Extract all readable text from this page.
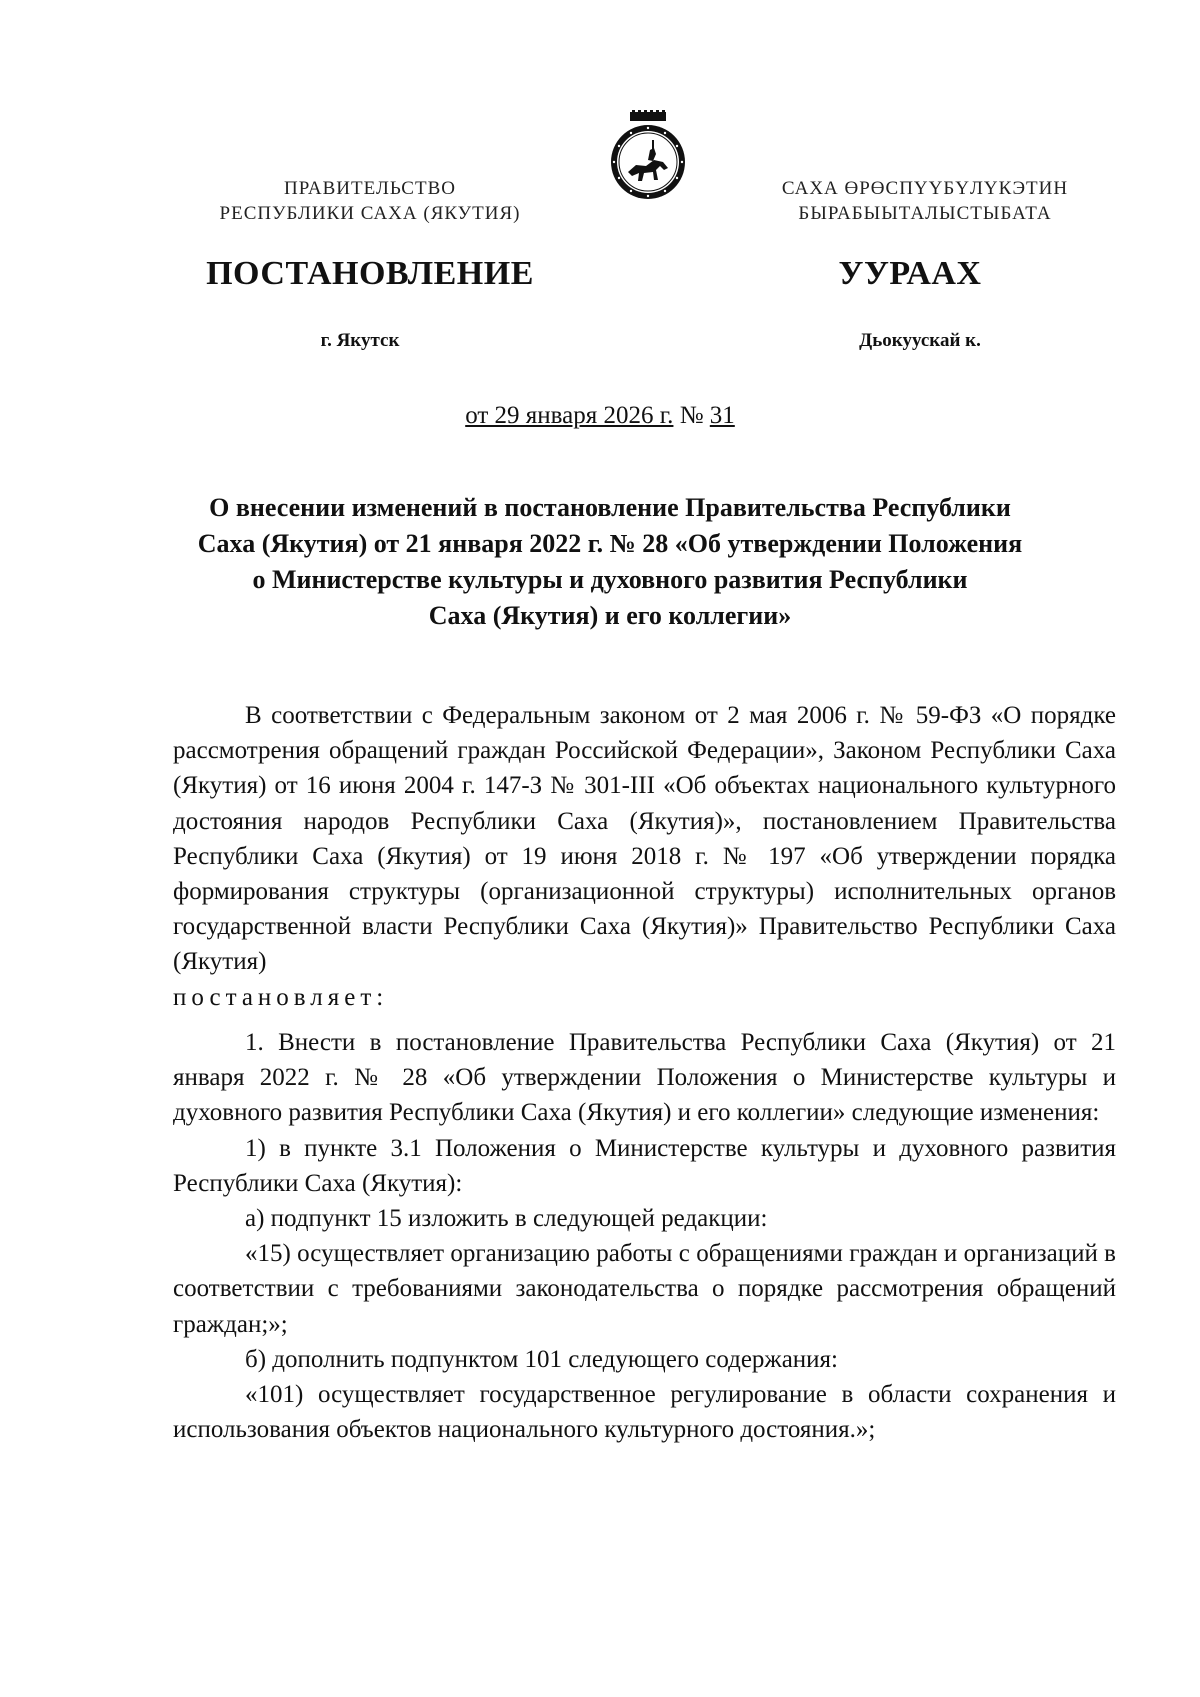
ПРАВИТЕЛЬСТВО
РЕСПУБЛИКИ САХА (ЯКУТИЯ)
САХА ӨРӨСПҮҮБҮЛҮКЭТИН
БЫРАБЫЫТАЛЫСТЫБАТА
ПОСТАНОВЛЕНИЕ	УУРААХ
г. Якутск	Дьокуускай к.
от 29 января 2026 г. № 31
О внесении изменений в постановление Правительства Республики
Саха (Якутия) от 21 января 2022 г. № 28 «Об утверждении Положения
о Министерстве культуры и духовного развития Республики
Саха (Якутия) и его коллегии»

В соответствии с Федеральным законом от 2 мая 2006 г. № 59-ФЗ «О порядке рассмотрения обращений граждан Российской Федерации», Законом Республики Саха (Якутия) от 16 июня 2004 г. 147-З № 301-III «Об объектах национального культурного достояния народов Республики Саха (Якутия)», постановлением Правительства Республики Саха (Якутия) от 19 июня 2018 г. № 197 «Об утверждении порядка формирования структуры (организационной структуры) исполнительных органов государственной власти Республики Саха (Якутия)» Правительство Республики Саха (Якутия)

постановляет:

1. Внести в постановление Правительства Республики Саха (Якутия) от 21 января 2022 г. № 28 «Об утверждении Положения о Министерстве культуры и духовного развития Республики Саха (Якутия) и его коллегии» следующие изменения:

1) в пункте 3.1 Положения о Министерстве культуры и духовного развития Республики Саха (Якутия):

а) подпункт 15 изложить в следующей редакции:

«15) осуществляет организацию работы с обращениями граждан и организаций в соответствии с требованиями законодательства о порядке рассмотрения обращений граждан;»;

б) дополнить подпунктом 101 следующего содержания:

«101) осуществляет государственное регулирование в области сохранения и использования объектов национального культурного достояния.»;
